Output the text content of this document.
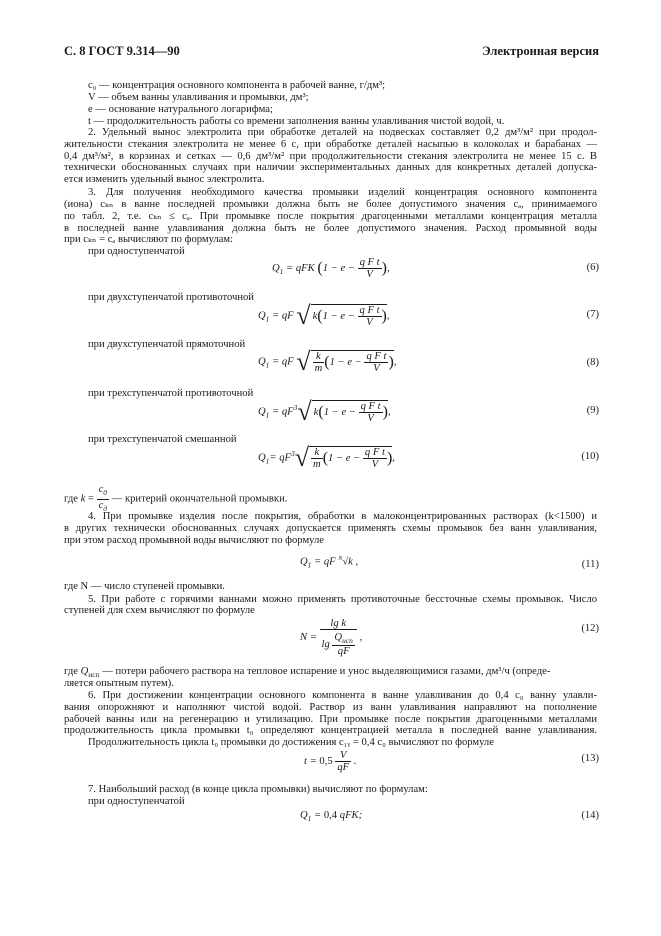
С. 8 ГОСТ 9.314—90	Электронная версия
c₀ — концентрация основного компонента в рабочей ванне, г/дм³;
V — объем ванны улавливания и промывки, дм³;
e — основание натурального логарифма;
t — продолжительность работы со времени заполнения ванны улавливания чистой водой, ч.
2. Удельный вынос электролита при обработке деталей на подвесках составляет 0,2 дм³/м² при продол-
жительности стекания электролита не менее 6 с, при обработке деталей насыпью в колоколах и барабанах —
0,4 дм³/м², в корзинах и сетках — 0,6 дм³/м² при продолжительности стекания электролита не менее 15 с. В
технически обоснованных случаях при наличии экспериментальных данных для конкретных деталей допуска-
ется изменить удельный вынос электролита.
3. Для получения необходимого качества промывки изделий концентрация основного компонента
(иона) cₖₙ в ванне последней промывки должна быть не более допустимого значения cₐ, принимаемого
по табл. 2, т.е. cₖₙ ≤ cₐ. При промывке после покрытия драгоценными металлами концентрация металла
в последней ванне улавливания должна быть не более допустимого значения. Расход промывной воды
при cₖₙ = cₐ вычисляют по формулам:
при одноступенчатой
$Q_1$ = qFK ($1 - e - \frac{\text{q F t}}{V}$ ),	(6)
при двухступенчатой противоточной
$Q_1$ = qF √ $k(1 - e - \frac{\text{q F t}}{V}$ ),	(7)
при двухступенчатой прямоточной
$Q_1$ = qF √ $\frac{k}{m} (1 - e - \frac{\text{q F t}}{V}$ ),	(8)
при трехступенчатой противоточной
$Q_1 = qF^3√$ $k(1 - e - \frac{\text{q F t}}{V}$ ),	(9)
при трехступенчатой смешанной
$Q_1= qF^3√ \frac{k}{m} (1 - e - \frac{\text{q F t}}{V}$ ),	(10)
где $k = \frac{c_0}{c_д}$ — критерий окончательной промывки.
4. При промывке изделия после покрытия, обработки в малоконцентрированных растворах (k<1500) и
в других технически обоснованных случаях допускается применять схемы промывок без ванн улавливания,
при этом расход промывной воды вычисляют по формуле
$Q_1$ = qF $^N$√k ,	(11)
где N — число ступеней промывки.
5. При работе с горячими ваннами можно применять противоточные бессточные схемы промывок. Число
ступеней для схем вычисляют по формуле
$N = \frac{\text{lg k}}{\lg \frac{Q_{исп}}{qF}}$ ,
(12)
где $Q_{исп}$ — потери рабочего раствора на тепловое испарение и унос выделяющимися газами, дм³/ч (опреде-
ляется опытным путем).
6. При достижении концентрации основного компонента в ванне улавливания до 0,4 c₀ ванну улавли-
вания опорожняют и наполняют чистой водой. Раствор из ванн улавливания направляют на пополнение
рабочей ванны или на регенерацию и утилизацию. При промывке после покрытия драгоценными металлами
продолжительность цикла промывки t₀ определяют концентрацией металла в последней ванне улавливания.
Продолжительность цикла t₀ промывки до достижения c₁ᵧ = 0,4 c₀ вычисляют по формуле
$t = 0,5 \frac{V}{qF}$ .	(13)
7. Наибольший расход (в конце цикла промывки) вычисляют по формулам:
при одноступенчатой
$Q_1 = 0,4$ qFK;	(14)
